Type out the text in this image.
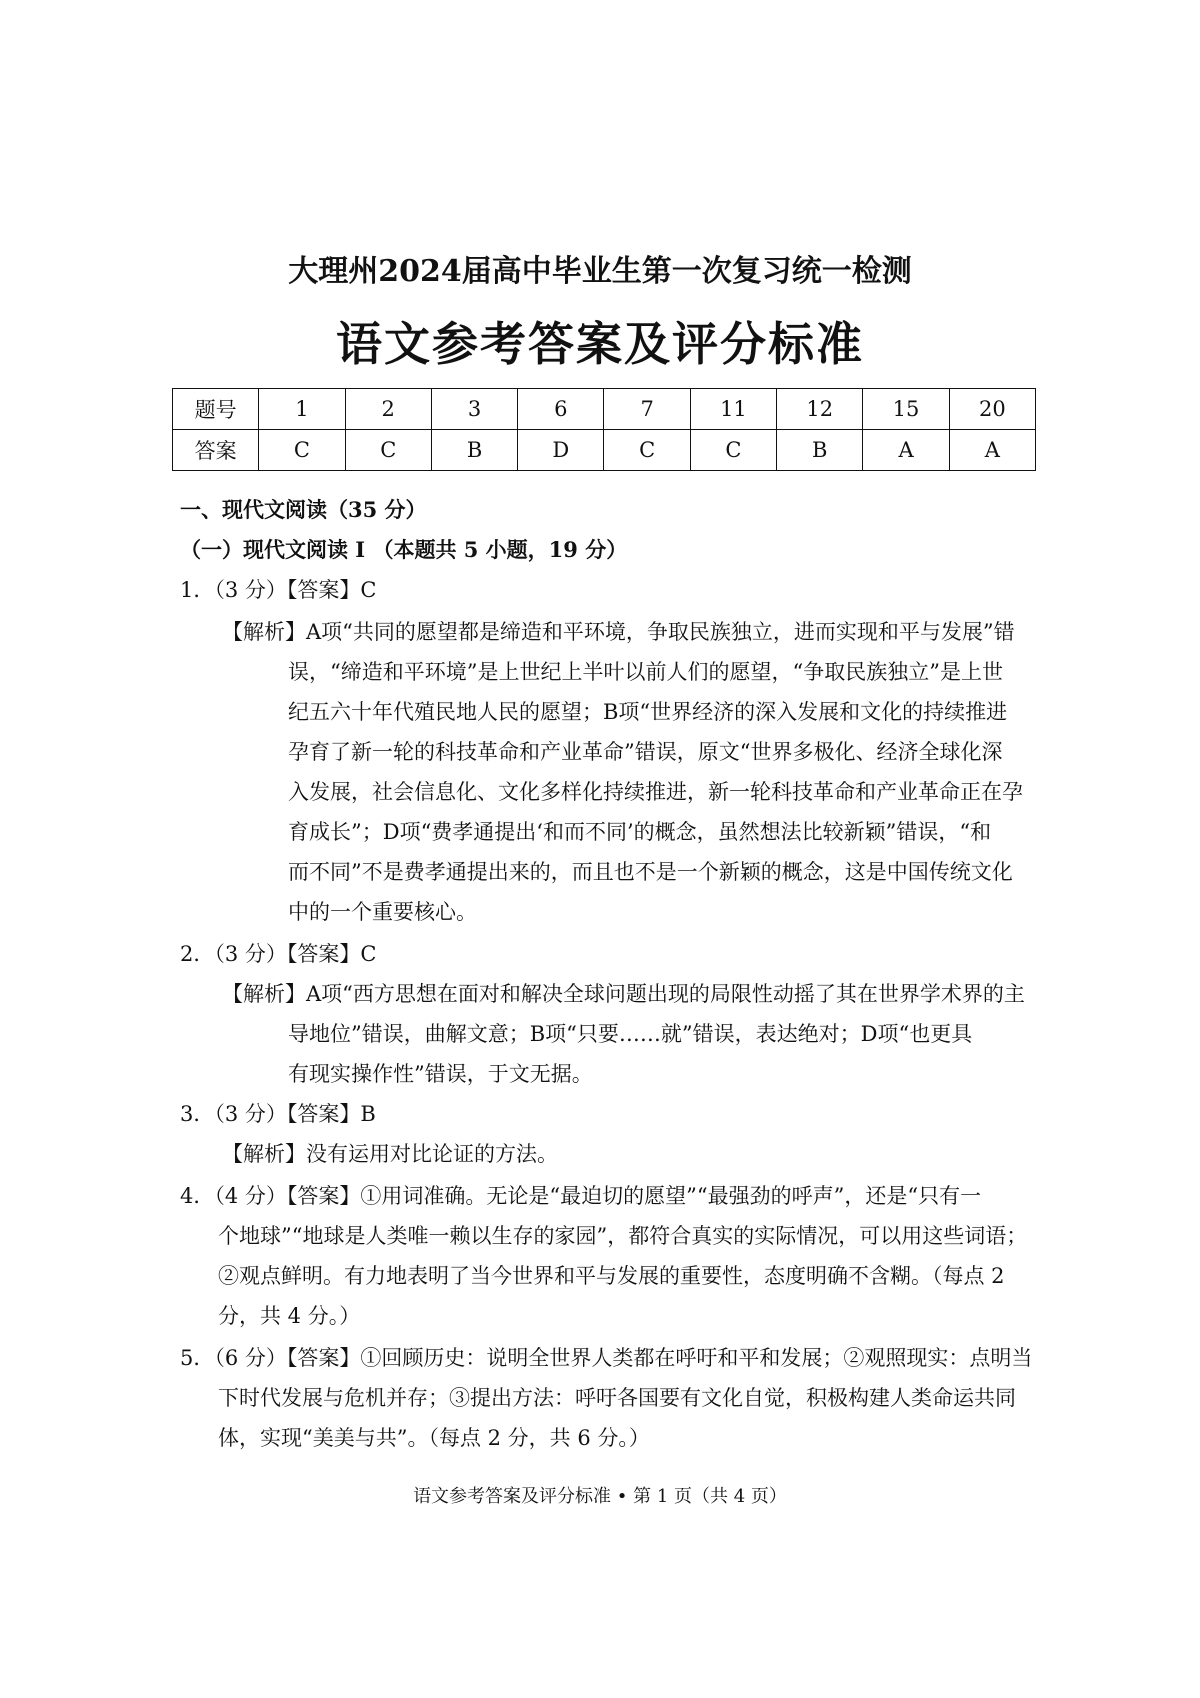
大理州2024届高中毕业生第一次复习统一检测
语文参考答案及评分标准
题号	1	2	3	6	7	11	12	15	20
答案	C	C	B	D	C	C	B	A	A
一、现代文阅读（35 分）
（一）现代文阅读 I （本题共 5 小题，19 分）
1．（3 分）【答案】C
【解析】A项“共同的愿望都是缔造和平环境，争取民族独立，进而实现和平与发展”错
误，“缔造和平环境”是上世纪上半叶以前人们的愿望，“争取民族独立”是上世
纪五六十年代殖民地人民的愿望；B项“世界经济的深入发展和文化的持续推进
孕育了新一轮的科技革命和产业革命”错误，原文“世界多极化、经济全球化深
入发展，社会信息化、文化多样化持续推进，新一轮科技革命和产业革命正在孕
育成长”；D项“费孝通提出‘和而不同’的概念，虽然想法比较新颖”错误，“和
而不同”不是费孝通提出来的，而且也不是一个新颖的概念，这是中国传统文化
中的一个重要核心。
2．（3 分）【答案】C
【解析】A项“西方思想在面对和解决全球问题出现的局限性动摇了其在世界学术界的主
导地位”错误，曲解文意；B项“只要……就”错误，表达绝对；D项“也更具
有现实操作性”错误，于文无据。
3．（3 分）【答案】B
【解析】没有运用对比论证的方法。
4．（4 分）【答案】①用词准确。无论是“最迫切的愿望”“最强劲的呼声”，还是“只有一
个地球”“地球是人类唯一赖以生存的家园”，都符合真实的实际情况，可以用这些词语；
②观点鲜明。有力地表明了当今世界和平与发展的重要性，态度明确不含糊。（每点 2
分，共 4 分。）
5．（6 分）【答案】①回顾历史：说明全世界人类都在呼吁和平和发展；②观照现实：点明当
下时代发展与危机并存；③提出方法：呼吁各国要有文化自觉，积极构建人类命运共同
体，实现“美美与共”。（每点 2 分，共 6 分。）
语文参考答案及评分标准 • 第 1 页（共 4 页）
